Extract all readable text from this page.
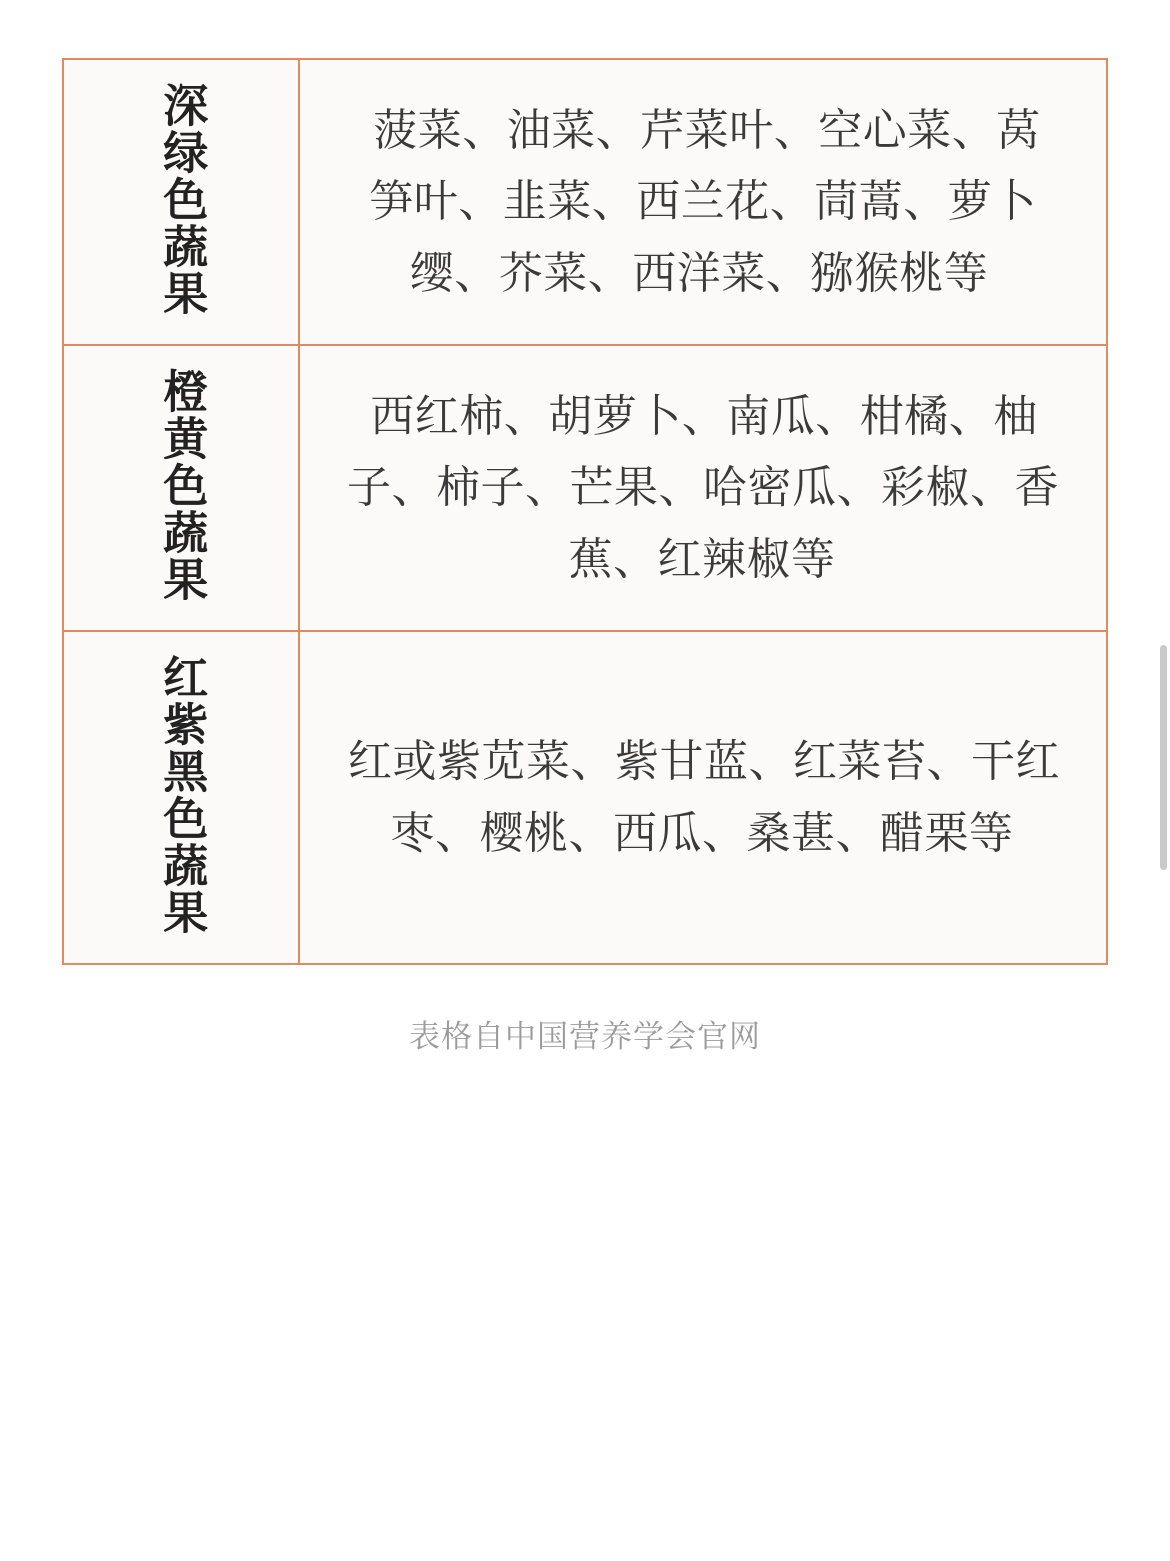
深绿色蔬果	菠菜、油菜、芹菜叶、空心菜、莴笋叶、韭菜、西兰花、茼蒿、萝卜缨、芥菜、西洋菜、猕猴桃等
橙黄色蔬果	西红柿、胡萝卜、南瓜、柑橘、柚子、柿子、芒果、哈密瓜、彩椒、香蕉、红辣椒等
红紫黑色蔬果	红或紫苋菜、紫甘蓝、红菜苔、干红枣、樱桃、西瓜、桑葚、醋栗等
表格自中国营养学会官网
